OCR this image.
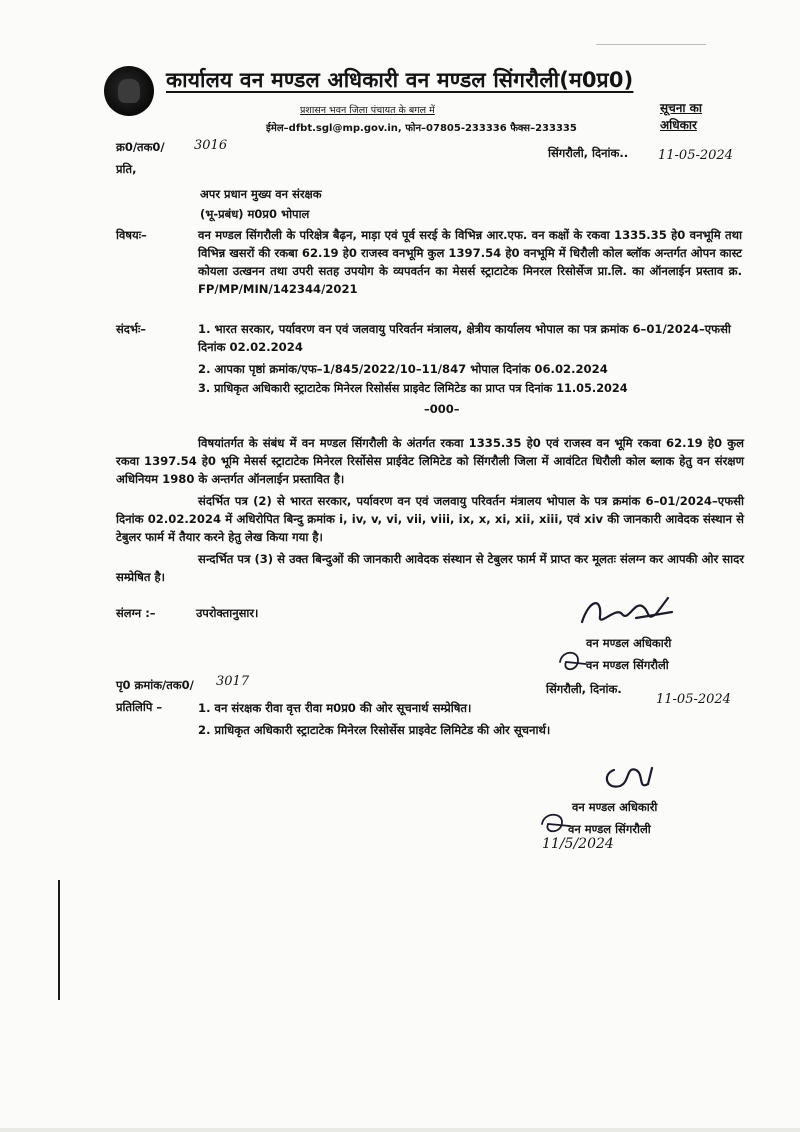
कार्यालय वन मण्डल अधिकारी वन मण्डल सिंगरौली(म0प्र0)
प्रशासन भवन जिला पंचायत के बगल में
ईमेल–dfbt.sgl@mp.gov.in, फोन–07805-233336 फैक्स–233335
सूचना का अधिकार
क्र0/तक0/ 3016	सिंगरौली, दिनांक.. 11-05-2024
प्रति,
अपर प्रधान मुख्य वन संरक्षक
(भू-प्रबंध) म0प्र0 भोपाल
विषयः–	वन मण्डल सिंगरौली के परिक्षेत्र बैढ़न, माड़ा एवं पूर्व सरई के विभिन्न आर.एफ. वन कक्षों के रकवा 1335.35 हे0 वनभूमि तथा विभिन्न खसरों की रकबा 62.19 हे0 राजस्व वनभूमि कुल 1397.54 हे0 वनभूमि में धिरौली कोल ब्लॉक अन्तर्गत ओपन कास्ट कोयला उत्खनन तथा उपरी सतह उपयोग के व्यपवर्तन का मेसर्स स्ट्राटाटेक मिनरल रिसोर्सेज प्रा.लि. का ऑनलाईन प्रस्ताव क्र. FP/MP/MIN/142344/2021
संदर्भः–	1. भारत सरकार, पर्यावरण वन एवं जलवायु परिवर्तन मंत्रालय, क्षेत्रीय कार्यालय भोपाल का पत्र क्रमांक 6–01/2024–एफसी दिनांक 02.02.2024
2. आपका पृष्ठां क्रमांक/एफ–1/845/2022/10–11/847 भोपाल दिनांक 06.02.2024
3. प्राधिकृत अधिकारी स्ट्राटाटेक मिनेरल रिसोर्सस प्राइवेट लिमिटेड का प्राप्त पत्र दिनांक 11.05.2024
–000–
विषयांतर्गत के संबंध में वन मण्डल सिंगरौली के अंतर्गत रकवा 1335.35 हे0 एवं राजस्व वन भूमि रकवा 62.19 हे0 कुल रकवा 1397.54 हे0 भूमि मेसर्स स्ट्राटाटेक मिनेरल रिर्सोसेस प्राईवेट लिमिटेड को सिंगरौली जिला में आवंटित धिरौली कोल ब्लाक हेतु वन संरक्षण अधिनियम 1980 के अन्तर्गत ऑनलाईन प्रस्तावित है।
संदर्भित पत्र (2) से भारत सरकार, पर्यावरण वन एवं जलवायु परिवर्तन मंत्रालय भोपाल के पत्र क्रमांक 6–01/2024–एफसी दिनांक 02.02.2024 में अधिरोपित बिन्दु क्रमांक i, iv, v, vi, vii, viii, ix, x, xi, xii, xiii, एवं xiv की जानकारी आवेदक संस्थान से टेबुलर फार्म में तैयार करने हेतु लेख किया गया है।
सन्दर्भित पत्र (3) से उक्त बिन्दुओं की जानकारी आवेदक संस्थान से टेबुलर फार्म में प्राप्त कर मूलतः संलग्न कर आपकी ओर सादर सम्प्रेषित है।
संलग्न :–	उपरोक्तानुसार।
वन मण्डल अधिकारी
वन मण्डल सिंगरौली
पृ0 क्रमांक/तक0/ 3017	सिंगरौली, दिनांक.
11-05-2024
प्रतिलिपि –	1. वन संरक्षक रीवा वृत्त रीवा म0प्र0 की ओर सूचनार्थ सम्प्रेषित।
2. प्राधिकृत अधिकारी स्ट्राटाटेक मिनेरल रिसोर्सेस प्राइवेट लिमिटेड की ओर सूचनार्थ।
वन मण्डल अधिकारी
वन मण्डल सिंगरौली
11/5/2024
